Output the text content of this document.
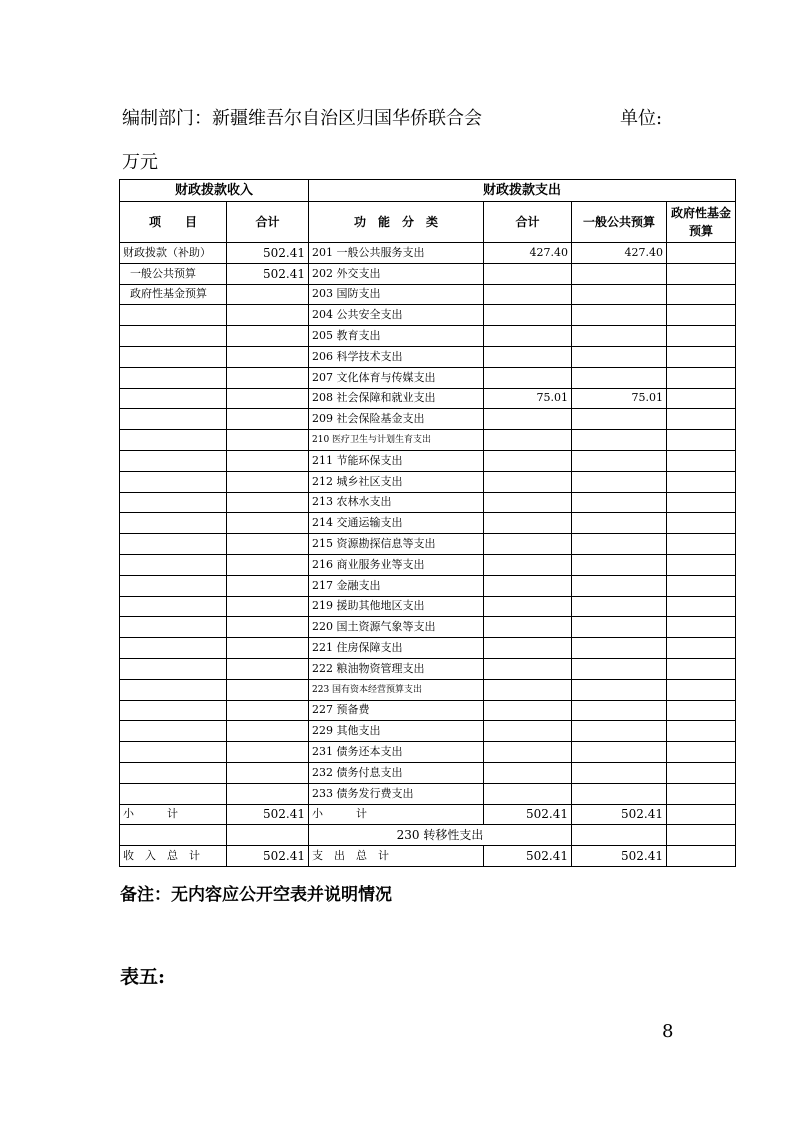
编制部门：新疆维吾尔自治区归国华侨联合会	单位:
万元
财政拨款收入		财政拨款支出			
项　　目	合计	功　能　分　类	合计	一般公共预算	政府性基金预算
财政拨款（补助）	502.41	201 一般公共服务支出	427.40	427.40	
一般公共预算	502.41	202 外交支出			
政府性基金预算		203 国防支出			
		204 公共安全支出			
		205 教育支出			
		206 科学技术支出			
		207 文化体育与传媒支出			
		208 社会保障和就业支出	75.01	75.01	
		209 社会保险基金支出			
		210 医疗卫生与计划生育支出			
		211 节能环保支出			
		212 城乡社区支出			
		213 农林水支出			
		214 交通运输支出			
		215 资源勘探信息等支出			
		216 商业服务业等支出			
		217 金融支出			
		219 援助其他地区支出			
		220 国土资源气象等支出			
		221 住房保障支出			
		222 粮油物资管理支出			
		223 国有资本经营预算支出			
		227 预备费			
		229 其他支出			
		231 债务还本支出			
		232 债务付息支出			
		233 债务发行费支出			
小　　　计	502.41	小　　　计	502.41	502.41	
		230 转移性支出			
收　入　总　计	502.41	支　出　总　计	502.41	502.41	
备注：无内容应公开空表并说明情况
表五:
8
